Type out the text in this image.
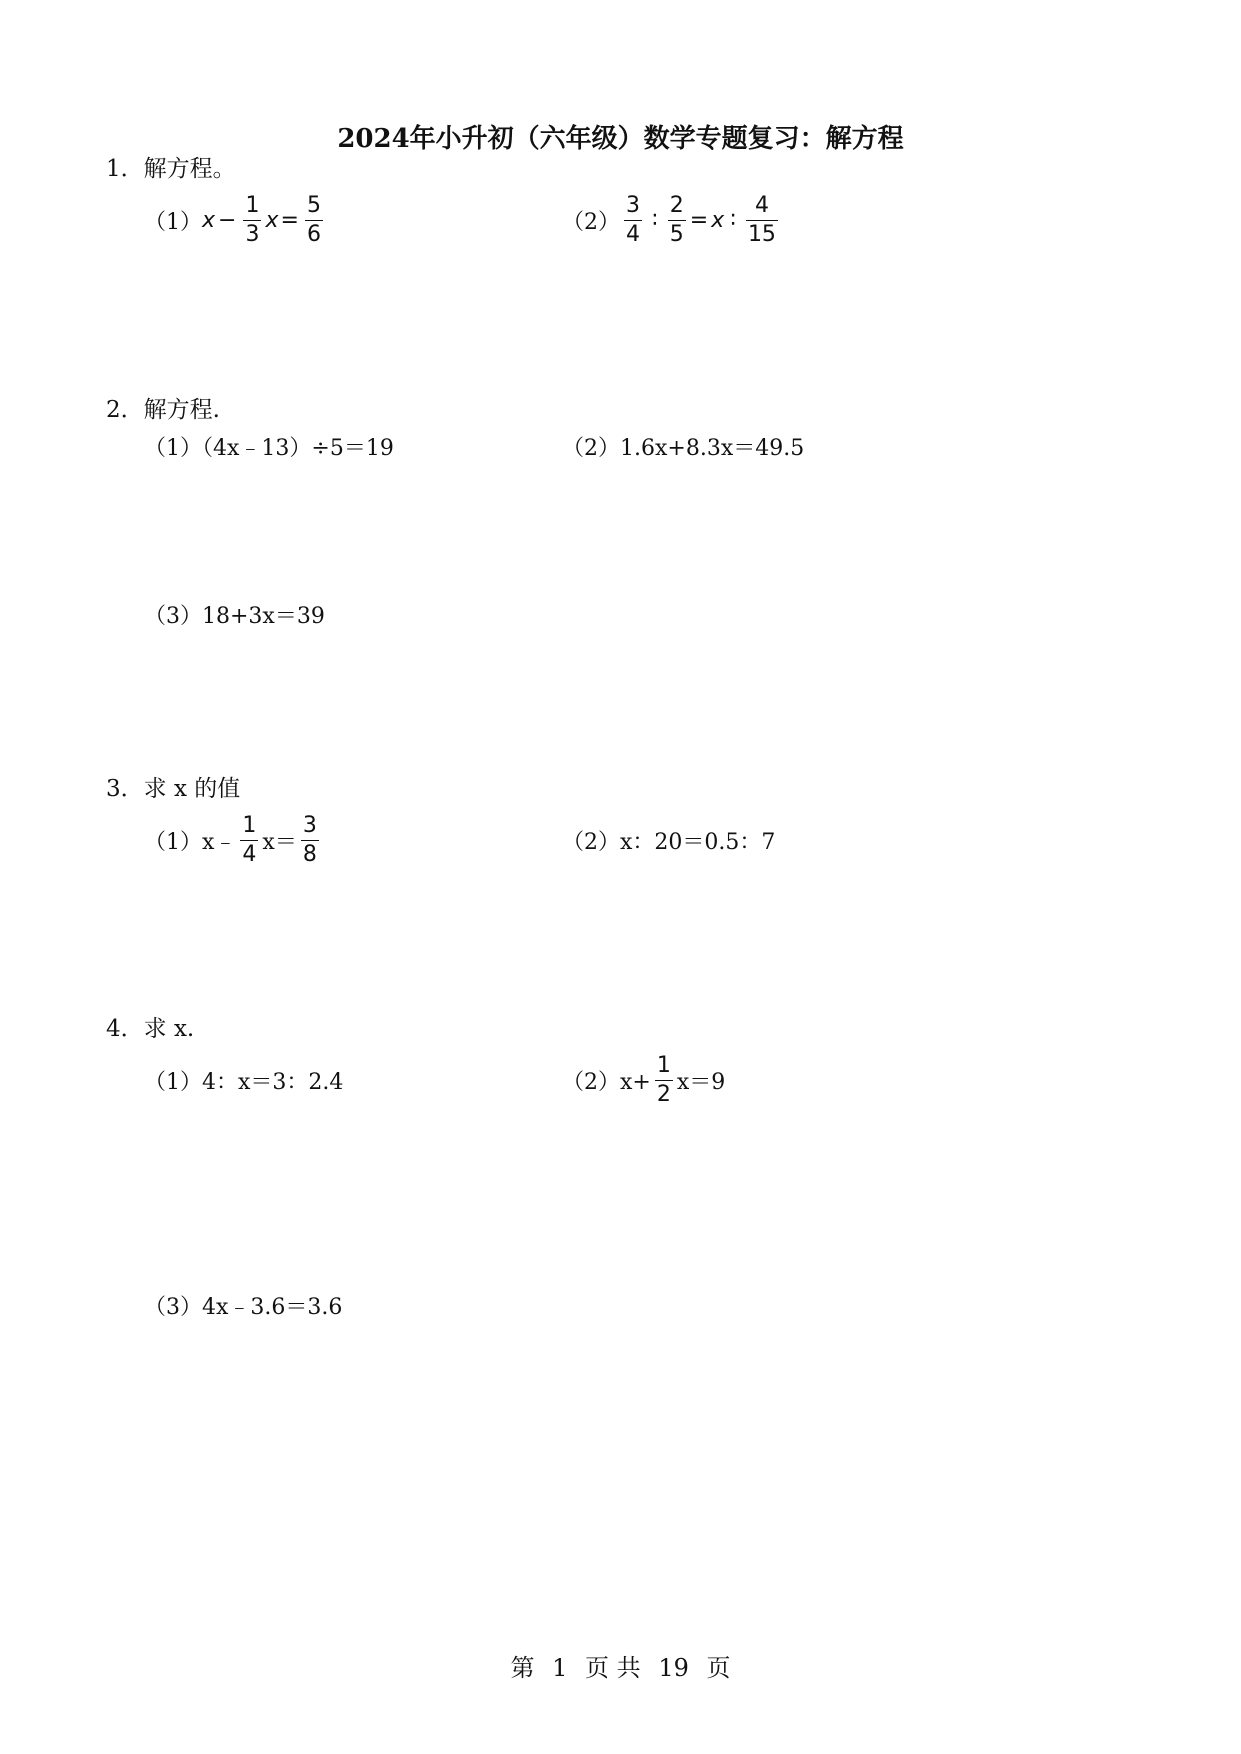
2024年小升初（六年级）数学专题复习：解方程
1．解方程。
（1） $x - \frac{1}{3}$ $x = \frac{5}{6}$	$(2) \frac{3}{4}$ ∶ $\frac{2}{5} = x$ ∶ $\frac{4}{15}$
2．解方程.
（1）（4x﹣13）÷5＝19	（2）1.6x+8.3x＝49.5
（3）18+3x＝39
3．求 x 的值
（1）x﹣ $\frac{1}{4} x= \frac{3}{8}$	（2）x：20＝0.5：7
4．求 x.
（1）4：x＝3：2.4	$(2)x+ \frac{1}{2} x=9$
（3）4x﹣3.6＝3.6
第 1 页 共 19 页
